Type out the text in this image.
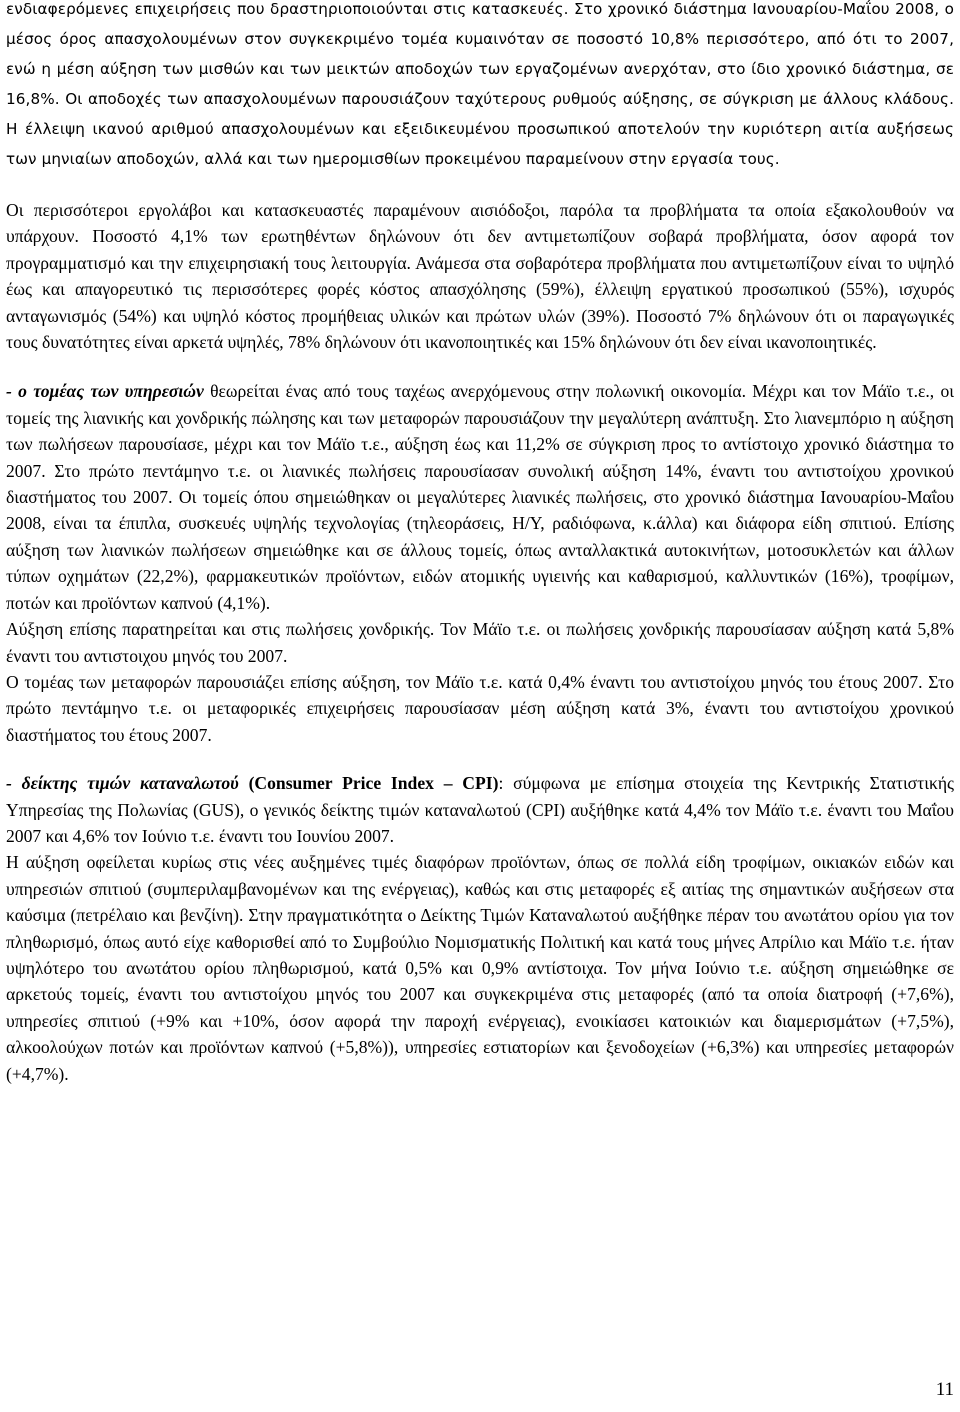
ενδιαφερόμενες επιχειρήσεις που δραστηριοποιούνται στις κατασκευές. Στο χρονικό διάστημα Ιανουαρίου-Μαΐου 2008, ο μέσος όρος απασχολουμένων στον συγκεκριμένο τομέα κυμαινόταν σε ποσοστό 10,8% περισσότερο, από ότι το 2007, ενώ η μέση αύξηση των μισθών και των μεικτών αποδοχών των εργαζομένων ανερχόταν, στο ίδιο χρονικό διάστημα, σε 16,8%. Οι αποδοχές των απασχολουμένων παρουσιάζουν ταχύτερους ρυθμούς αύξησης, σε σύγκριση με άλλους κλάδους. Η έλλειψη ικανού αριθμού απασχολουμένων και εξειδικευμένου προσωπικού αποτελούν την κυριότερη αιτία αυξήσεως των μηνιαίων αποδοχών, αλλά και των ημερομισθίων προκειμένου παραμείνουν στην εργασία τους.

Οι περισσότεροι εργολάβοι και κατασκευαστές παραμένουν αισιόδοξοι, παρόλα τα προβλήματα τα οποία εξακολουθούν να υπάρχουν. Ποσοστό 4,1% των ερωτηθέντων δηλώνουν ότι δεν αντιμετωπίζουν σοβαρά προβλήματα, όσον αφορά τον προγραμματισμό και την επιχειρησιακή τους λειτουργία. Ανάμεσα στα σοβαρότερα προβλήματα που αντιμετωπίζουν είναι το υψηλό έως και απαγορευτικό τις περισσότερες φορές κόστος απασχόλησης (59%), έλλειψη εργατικού προσωπικού (55%), ισχυρός ανταγωνισμός (54%) και υψηλό κόστος προμήθειας υλικών και πρώτων υλών (39%). Ποσοστό 7% δηλώνουν ότι οι παραγωγικές τους δυνατότητες είναι αρκετά υψηλές, 78% δηλώνουν ότι ικανοποιητικές και 15% δηλώνουν ότι δεν είναι ικανοποιητικές.

- ο τομέας των υπηρεσιών θεωρείται ένας από τους ταχέως ανερχόμενους στην πολωνική οικονομία. Μέχρι και τον Μάϊο τ.ε., οι τομείς της λιανικής και χονδρικής πώλησης και των μεταφορών παρουσιάζουν την μεγαλύτερη ανάπτυξη. Στο λιανεμπόριο η αύξηση των πωλήσεων παρουσίασε, μέχρι και τον Μάϊο τ.ε., αύξηση έως και 11,2% σε σύγκριση προς το αντίστοιχο χρονικό διάστημα το 2007. Στο πρώτο πεντάμηνο τ.ε. οι λιανικές πωλήσεις παρουσίασαν συνολική αύξηση 14%, έναντι του αντιστοίχου χρονικού διαστήματος του 2007. Οι τομείς όπου σημειώθηκαν οι μεγαλύτερες λιανικές πωλήσεις, στο χρονικό διάστημα Ιανουαρίου-Μαΐου 2008, είναι τα έπιπλα, συσκευές υψηλής τεχνολογίας (τηλεοράσεις, Η/Υ, ραδιόφωνα, κ.άλλα) και διάφορα είδη σπιτιού. Επίσης αύξηση των λιανικών πωλήσεων σημειώθηκε και σε άλλους τομείς, όπως ανταλλακτικά αυτοκινήτων, μοτοσυκλετών και άλλων τύπων οχημάτων (22,2%), φαρμακευτικών προϊόντων, ειδών ατομικής υγιεινής και καθαρισμού, καλλυντικών (16%), τροφίμων, ποτών και προϊόντων καπνού (4,1%).

Αύξηση επίσης παρατηρείται και στις πωλήσεις χονδρικής. Τον Μάϊο τ.ε. οι πωλήσεις χονδρικής παρουσίασαν αύξηση κατά 5,8% έναντι του αντιστοιχου μηνός του 2007.

Ο τομέας των μεταφορών παρουσιάζει επίσης αύξηση, τον Μάϊο τ.ε. κατά 0,4% έναντι του αντιστοίχου μηνός του έτους 2007. Στο πρώτο πεντάμηνο τ.ε. οι μεταφορικές επιχειρήσεις παρουσίασαν μέση αύξηση κατά 3%, έναντι του αντιστοίχου χρονικού διαστήματος του έτους 2007.

- δείκτης τιμών καταναλωτού (Consumer Price Index – CPI): σύμφωνα με επίσημα στοιχεία της Κεντρικής Στατιστικής Υπηρεσίας της Πολωνίας (GUS), ο γενικός δείκτης τιμών καταναλωτού (CPI) αυξήθηκε κατά 4,4% τον Μάϊο τ.ε. έναντι του Μαΐου 2007 και 4,6% τον Ιούνιο τ.ε. έναντι του Ιουνίου 2007.

Η αύξηση οφείλεται κυρίως στις νέες αυξημένες τιμές διαφόρων προϊόντων, όπως σε πολλά είδη τροφίμων, οικιακών ειδών και υπηρεσιών σπιτιού (συμπεριλαμβανομένων και της ενέργειας), καθώς και στις μεταφορές εξ αιτίας της σημαντικών αυξήσεων στα καύσιμα (πετρέλαιο και βενζίνη). Στην πραγματικότητα ο Δείκτης Τιμών Καταναλωτού αυξήθηκε πέραν του ανωτάτου ορίου για τον πληθωρισμό, όπως αυτό είχε καθορισθεί από το Συμβούλιο Νομισματικής Πολιτική και κατά τους μήνες Απρίλιο και Μάϊο τ.ε. ήταν υψηλότερο του ανωτάτου ορίου πληθωρισμού, κατά 0,5% και 0,9% αντίστοιχα. Τον μήνα Ιούνιο τ.ε. αύξηση σημειώθηκε σε αρκετούς τομείς, έναντι του αντιστοίχου μηνός του 2007 και συγκεκριμένα στις μεταφορές (από τα οποία διατροφή (+7,6%), υπηρεσίες σπιτιού (+9% και +10%, όσον αφορά την παροχή ενέργειας), ενοικίασει κατοικιών και διαμερισμάτων (+7,5%), αλκοολούχων ποτών και προϊόντων καπνού (+5,8%)), υπηρεσίες εστιατορίων και ξενοδοχείων (+6,3%) και υπηρεσίες μεταφορών (+4,7%).

11
